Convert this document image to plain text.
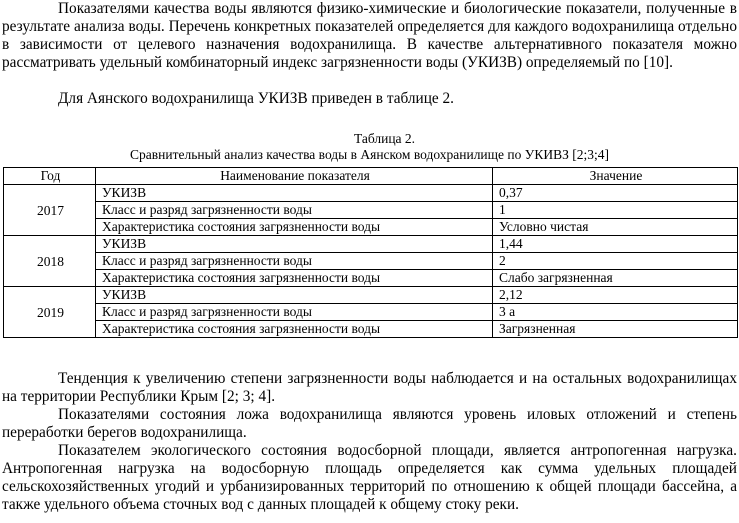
Показателями качества воды являются физико-химические и биологические показатели, полученные в результате анализа воды. Перечень конкретных показателей определяется для каждого водохранилища отдельно в зависимости от целевого назначения водохранилища. В качестве альтернативного показателя можно рассматривать удельный комбинаторный индекс загрязненности воды (УКИЗВ) определяемый по [10].

Для Аянского водохранилища УКИЗВ приведен в таблице 2.

Таблица 2.
Сравнительный анализ качества воды в Аянском водохранилище по УКИВЗ [2;3;4]
Год	Наименование показателя	Значение
2017	УКИЗВ	0,37
	Класс и разряд загрязненности воды	1
	Характеристика состояния загрязненности воды	Условно чистая
2018	УКИЗВ	1,44
	Класс и разряд загрязненности воды	2
	Характеристика состояния загрязненности воды	Слабо загрязненная
2019	УКИЗВ	2,12
	Класс и разряд загрязненности воды	3 а
	Характеристика состояния загрязненности воды	Загрязненная

Тенденция к увеличению степени загрязненности воды наблюдается и на остальных водохранилищах на территории Республики Крым [2; 3; 4].

Показателями состояния ложа водохранилища являются уровень иловых отложений и степень переработки берегов водохранилища.

Показателем экологического состояния водосборной площади, является антропогенная нагрузка. Антропогенная нагрузка на водосборную площадь определяется как сумма удельных площадей сельскохозяйственных угодий и урбанизированных территорий по отношению к общей площади бассейна, а также удельного объема сточных вод с данных площадей к общему стоку реки.
